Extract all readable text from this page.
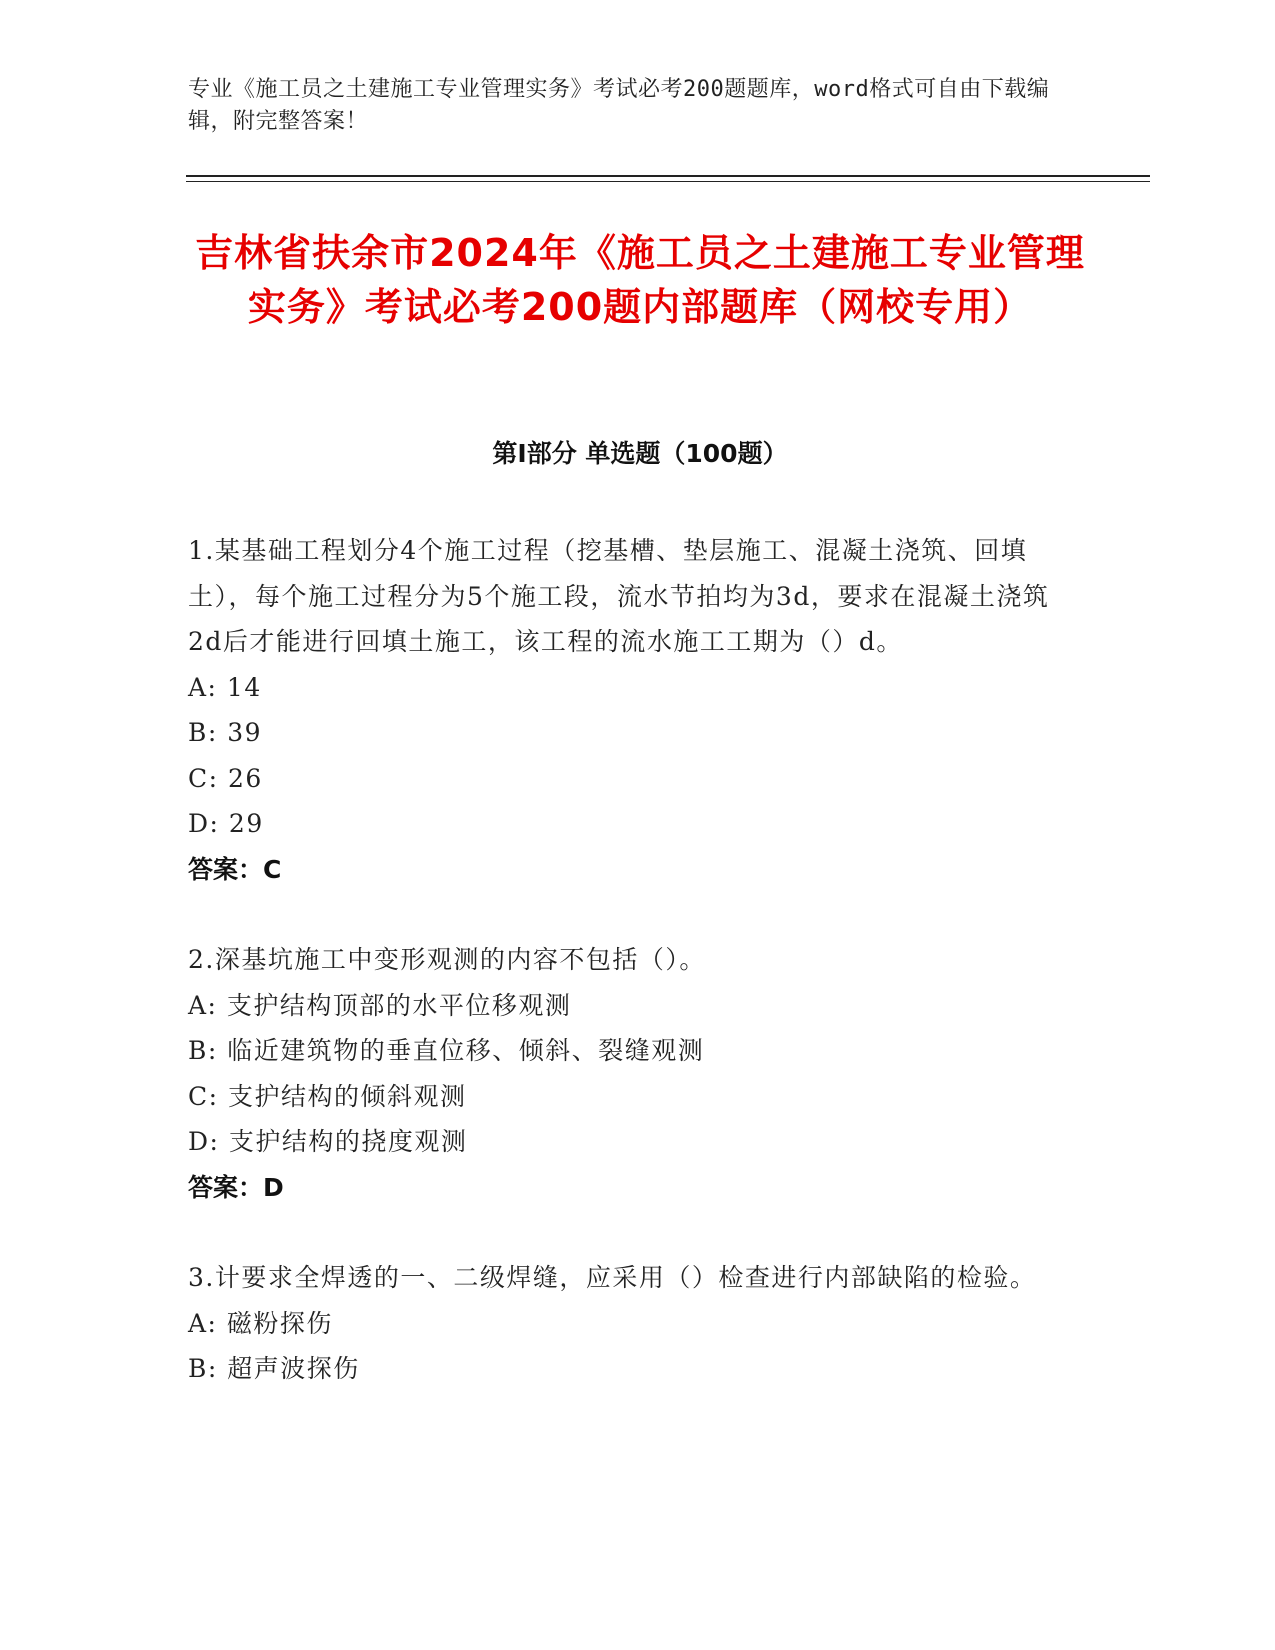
专业《施工员之土建施工专业管理实务》考试必考200题题库，word格式可自由下载编辑，附完整答案！
吉林省扶余市2024年《施工员之土建施工专业管理实务》考试必考200题内部题库（网校专用）
第Ⅰ部分 单选题（100题）

1.某基础工程划分4个施工过程（挖基槽、垫层施工、混凝土浇筑、回填土），每个施工过程分为5个施工段，流水节拍均为3d，要求在混凝土浇筑2d后才能进行回填土施工，该工程的流水施工工期为（）d。

A: 14

B: 39

C: 26

D: 29

答案：C

2.深基坑施工中变形观测的内容不包括（）。

A: 支护结构顶部的水平位移观测

B: 临近建筑物的垂直位移、倾斜、裂缝观测

C: 支护结构的倾斜观测

D: 支护结构的挠度观测

答案：D

3.计要求全焊透的一、二级焊缝，应采用（）检查进行内部缺陷的检验。

A: 磁粉探伤

B: 超声波探伤
